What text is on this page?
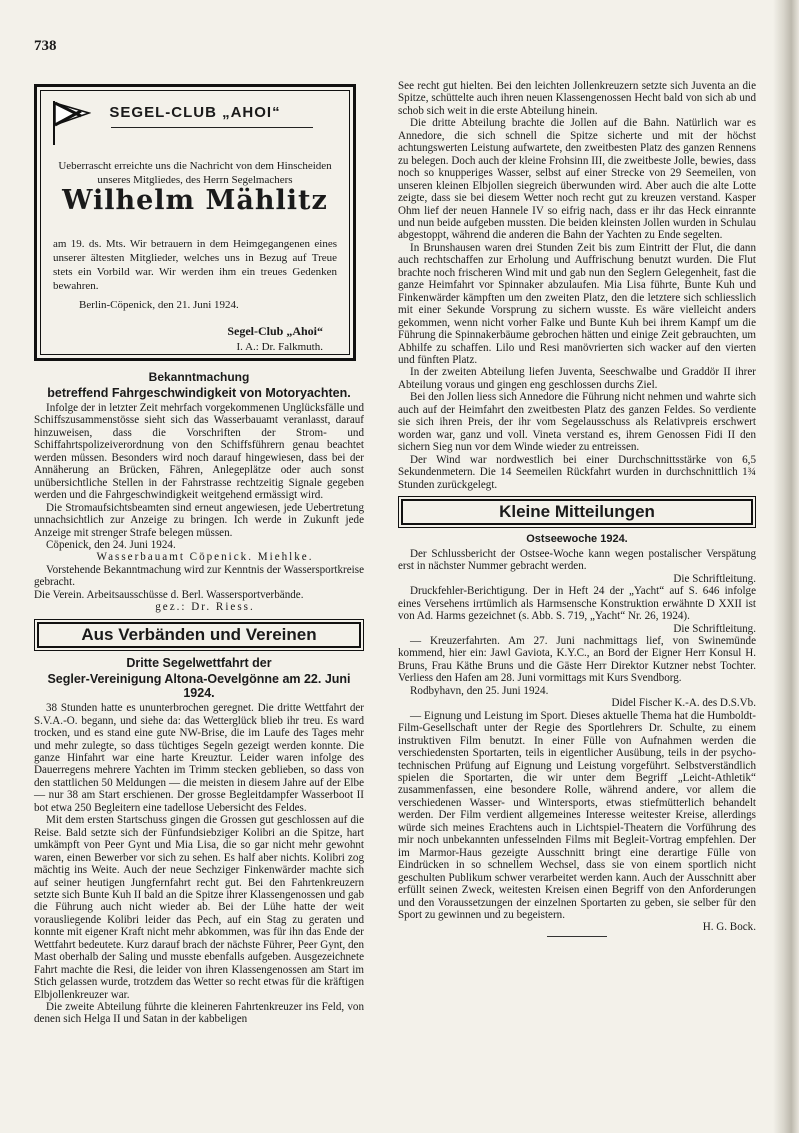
738
SEGEL-CLUB „AHOI“
Ueberrascht erreichte uns die Nachricht von dem Hinscheiden unseres Mitgliedes, des Herrn Segelmachers
Wilhelm Mählitz
am 19. ds. Mts. Wir betrauern in dem Heimgegangenen eines unserer ältesten Mitglieder, welches uns in Bezug auf Treue stets ein Vorbild war. Wir werden ihm ein treues Gedenken bewahren.
Berlin-Cöpenick, den 21. Juni 1924.
Segel-Club „Ahoi“
I. A.: Dr. Falkmuth.
Bekanntmachung
betreffend Fahrgeschwindigkeit von Motoryachten.

Infolge der in letzter Zeit mehrfach vorgekommenen Unglücksfälle und Schiffszusammenstösse sieht sich das Wasserbauamt veranlasst, darauf hinzuweisen, dass die Vorschriften der Strom- und Schiffahrtspolizeiverordnung von den Schiffsführern genau beachtet werden müssen. Besonders wird noch darauf hingewiesen, dass bei der Annäherung an Brücken, Fähren, Anlegeplätze oder auch sonst unübersichtliche Stellen in der Fahrstrasse rechtzeitig Signale gegeben werden und die Fahrgeschwindigkeit weitgehend ermässigt wird.

Die Stromaufsichtsbeamten sind erneut angewiesen, jede Uebertretung unnachsichtlich zur Anzeige zu bringen. Ich werde in Zukunft jede Anzeige mit strenger Strafe belegen müssen.

Cöpenick, den 24. Juni 1924.

Wasserbauamt Cöpenick. Miehlke.

Vorstehende Bekanntmachung wird zur Kenntnis der Wassersportkreise gebracht.

Die Verein. Arbeitsausschüsse d. Berl. Wassersportverbände.

gez.: Dr. Riess.

Aus Verbänden und Vereinen
Dritte Segelwettfahrt der
Segler-Vereinigung Altona-Oevelgönne am 22. Juni 1924.

38 Stunden hatte es ununterbrochen geregnet. Die dritte Wettfahrt der S.V.A.-O. begann, und siehe da: das Wetterglück blieb ihr treu. Es ward trocken, und es stand eine gute NW-Brise, die im Laufe des Tages mehr und mehr zulegte, so dass tüchtiges Segeln gezeigt werden konnte. Die ganze Hinfahrt war eine harte Kreuztur. Leider waren infolge des Dauerregens mehrere Yachten im Trimm stecken geblieben, so dass von den stattlichen 50 Meldungen — die meisten in diesem Jahre auf der Elbe — nur 38 am Start erschienen. Der grosse Begleitdampfer Wasserboot II bot etwa 250 Begleitern eine tadellose Uebersicht des Feldes.

Mit dem ersten Startschuss gingen die Grossen gut geschlossen auf die Reise. Bald setzte sich der Fünfundsiebziger Kolibri an die Spitze, hart umkämpft von Peer Gynt und Mia Lisa, die so gar nicht mehr gewohnt waren, einen Bewerber vor sich zu sehen. Es half aber nichts. Kolibri zog mächtig ins Weite. Auch der neue Sechziger Finkenwärder machte sich auf seiner heutigen Jungfernfahrt recht gut. Bei den Fahrtenkreuzern setzte sich Bunte Kuh II bald an die Spitze ihrer Klassengenossen und gab die Führung auch nicht wieder ab. Bei der Lühe hatte der weit vorausliegende Kolibri leider das Pech, auf ein Stag zu geraten und konnte mit eigener Kraft nicht mehr abkommen, was für ihn das Ende der Wettfahrt bedeutete. Kurz darauf brach der nächste Führer, Peer Gynt, den Mast oberhalb der Saling und musste ebenfalls aufgeben. Ausgezeichnete Fahrt machte die Resi, die leider von ihren Klassengenossen am Start im Stich gelassen wurde, trotzdem das Wetter so recht etwas für die kräftigen Elbjollenkreuzer war.

Die zweite Abteilung führte die kleineren Fahrtenkreuzer ins Feld, von denen sich Helga II und Satan in der kabbeligen

See recht gut hielten. Bei den leichten Jollenkreuzern setzte sich Juventa an die Spitze, schüttelte auch ihren neuen Klassengenossen Hecht bald von sich ab und schob sich weit in die erste Abteilung hinein.

Die dritte Abteilung brachte die Jollen auf die Bahn. Natürlich war es Annedore, die sich schnell die Spitze sicherte und mit der höchst achtungswerten Leistung aufwartete, den zweitbesten Platz des ganzen Rennens zu belegen. Doch auch der kleine Frohsinn III, die zweitbeste Jolle, bewies, dass noch so knupperiges Wasser, selbst auf einer Strecke von 29 Seemeilen, von unseren kleinen Elbjollen siegreich überwunden wird. Aber auch die alte Lotte zeigte, dass sie bei diesem Wetter noch recht gut zu kreuzen verstand. Kasper Ohm lief der neuen Hannele IV so eifrig nach, dass er ihr das Heck einrannte und nun beide aufgeben mussten. Die beiden kleinsten Jollen wurden in Schulau abgestoppt, während die anderen die Bahn der Yachten zu Ende segelten.

In Brunshausen waren drei Stunden Zeit bis zum Eintritt der Flut, die dann auch rechtschaffen zur Erholung und Auffrischung benutzt wurden. Die Flut brachte noch frischeren Wind mit und gab nun den Seglern Gelegenheit, fast die ganze Heimfahrt vor Spinnaker abzulaufen. Mia Lisa führte, Bunte Kuh und Finkenwärder kämpften um den zweiten Platz, den die letztere sich schliesslich mit einer Sekunde Vorsprung zu sichern wusste. Es wäre vielleicht anders gekommen, wenn nicht vorher Falke und Bunte Kuh bei ihrem Kampf um die Führung die Spinnakerbäume gebrochen hätten und einige Zeit gebrauchten, um Abhilfe zu schaffen. Lilo und Resi manövrierten sich wacker auf den vierten und fünften Platz.

In der zweiten Abteilung liefen Juventa, Seeschwalbe und Graddör II ihrer Abteilung voraus und gingen eng geschlossen durchs Ziel.

Bei den Jollen liess sich Annedore die Führung nicht nehmen und wahrte sich auch auf der Heimfahrt den zweitbesten Platz des ganzen Feldes. So verdiente sie sich ihren Preis, der ihr vom Segelausschuss als Relativpreis erschwert worden war, ganz und voll. Vineta verstand es, ihrem Genossen Fidi II den sichern Sieg nun vor dem Winde wieder zu entreissen.

Der Wind war nordwestlich bei einer Durchschnittsstärke von 6,5 Sekundenmetern. Die 14 Seemeilen Rückfahrt wurden in durchschnittlich 1¾ Stunden zurückgelegt.

Kleine Mitteilungen
Ostseewoche 1924.

Der Schlussbericht der Ostsee-Woche kann wegen postalischer Verspätung erst in nächster Nummer gebracht werden.

Die Schriftleitung.

Druckfehler-Berichtigung. Der in Heft 24 der „Yacht“ auf S. 646 infolge eines Versehens irrtümlich als Harmsensche Konstruktion erwähnte D XXII ist von Ad. Harms gezeichnet (s. Abb. S. 719, „Yacht“ Nr. 26, 1924).

Die Schriftleitung.

— Kreuzerfahrten. Am 27. Juni nachmittags lief, von Swinemünde kommend, hier ein: Jawl Gaviota, K.Y.C., an Bord der Eigner Herr Konsul H. Bruns, Frau Käthe Bruns und die Gäste Herr Direktor Kutzner nebst Tochter. Verliess den Hafen am 28. Juni vormittags mit Kurs Svendborg.

Rodbyhavn, den 25. Juni 1924.

Didel Fischer K.-A. des D.S.Vb.

— Eignung und Leistung im Sport. Dieses aktuelle Thema hat die Humboldt-Film-Gesellschaft unter der Regie des Sportlehrers Dr. Schulte, zu einem instruktiven Film benutzt. In einer Fülle von Aufnahmen werden die verschiedensten Sportarten, teils in eigentlicher Ausübung, teils in der psycho-technischen Prüfung auf Eignung und Leistung vorgeführt. Selbstverständlich spielen die Sportarten, die wir unter dem Begriff „Leicht-Athletik“ zusammenfassen, eine besondere Rolle, während andere, vor allem die verschiedenen Wasser- und Wintersports, etwas stiefmütterlich behandelt werden. Der Film verdient allgemeines Interesse weitester Kreise, allerdings würde sich meines Erachtens auch in Lichtspiel-Theatern die Vorführung des mir noch unbekannten unfesselnden Films mit Begleit-Vortrag empfehlen. Der im Marmor-Haus gezeigte Ausschnitt bringt eine derartige Fülle von Eindrücken in so schnellem Wechsel, dass sie von einem sportlich nicht geschulten Publikum schwer verarbeitet werden kann. Auch der Ausschnitt aber erfüllt seinen Zweck, weitesten Kreisen einen Begriff von den Anforderungen und den Voraussetzungen der einzelnen Sportarten zu geben, sie selber für den Sport zu gewinnen und zu begeistern.

H. G. Bock.
